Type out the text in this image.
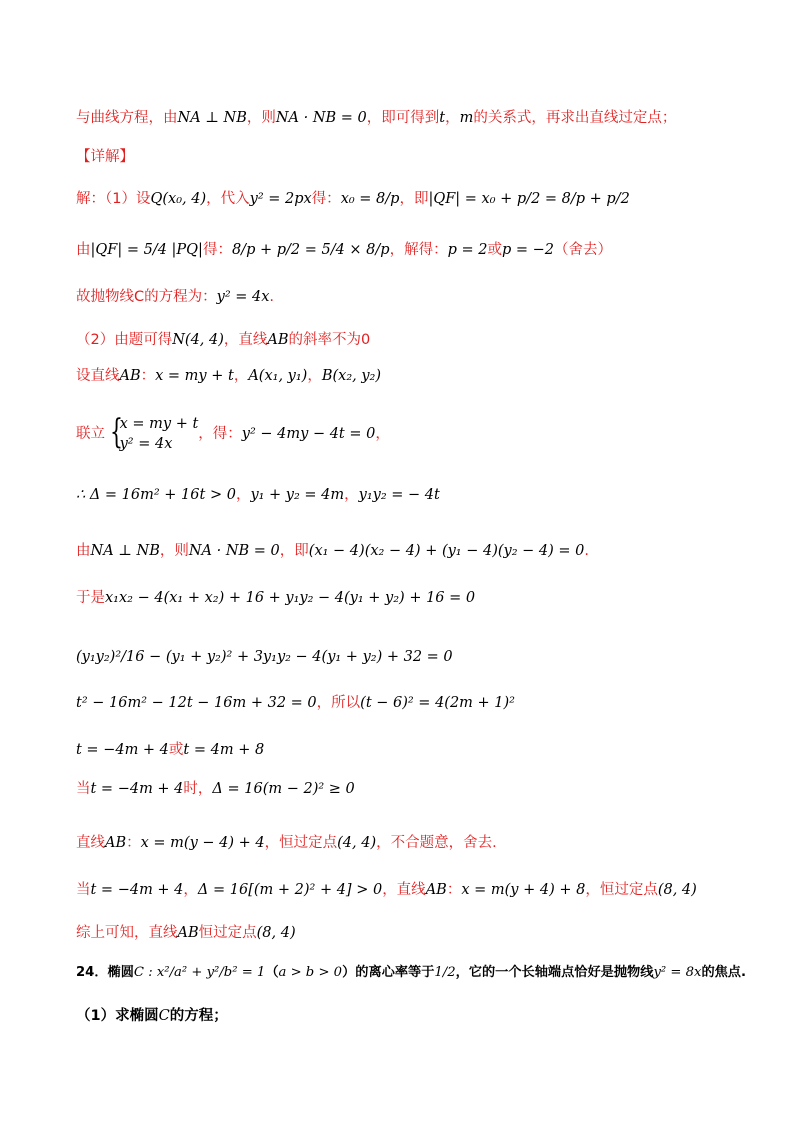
与曲线方程，由NA ⊥ NB，则NA · NB = 0，即可得到t，m的关系式，再求出直线过定点；
【详解】
解：（1）设Q(x₀, 4)，代入y² = 2px得：x₀ = 8/p，即|QF| = x₀ + p/2 = 8/p + p/2
由|QF| = 5/4 |PQ|得：8/p + p/2 = 5/4 × 8/p，解得：p = 2或p = −2（舍去）
故抛物线C的方程为：y² = 4x.
（2）由题可得N(4, 4)，直线AB的斜率不为0
设直线AB：x = my + t，A(x₁, y₁)，B(x₂, y₂)
联立 {
x = my + t
y² = 4x
，得：y² − 4my − 4t = 0，
∴ Δ = 16m² + 16t > 0，y₁ + y₂ = 4m，y₁y₂ = − 4t
由NA ⊥ NB，则NA · NB = 0，即(x₁ − 4)(x₂ − 4) + (y₁ − 4)(y₂ − 4) = 0.
于是x₁x₂ − 4(x₁ + x₂) + 16 + y₁y₂ − 4(y₁ + y₂) + 16 = 0
(y₁y₂)²/16 − (y₁ + y₂)² + 3y₁y₂ − 4(y₁ + y₂) + 32 = 0
t² − 16m² − 12t − 16m + 32 = 0，所以(t − 6)² = 4(2m + 1)²
t = −4m + 4或t = 4m + 8
当t = −4m + 4时，Δ = 16(m − 2)² ≥ 0
直线AB：x = m(y − 4) + 4，恒过定点(4, 4)，不合题意，舍去.
当t = −4m + 4，Δ = 16[(m + 2)² + 4] > 0，直线AB：x = m(y + 4) + 8，恒过定点(8, 4)
综上可知，直线AB恒过定点(8, 4)
24．椭圆C : x²/a² + y²/b² = 1（a > b > 0）的离心率等于1/2，它的一个长轴端点恰好是抛物线y² = 8x的焦点.
（1）求椭圆C的方程；
